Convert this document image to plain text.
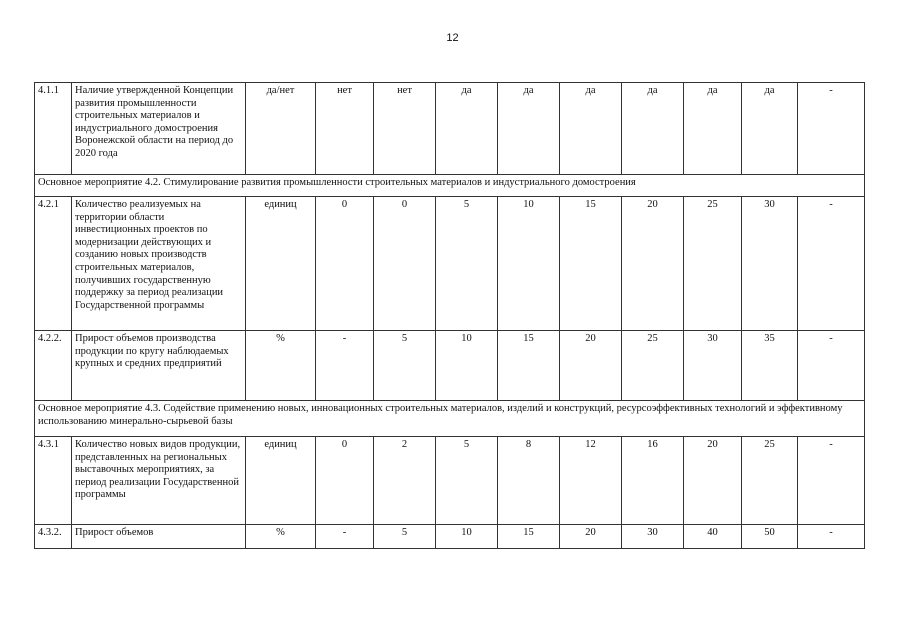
12
4.1.1	Наличие утвержденной Концепции развития промышленности строительных материалов и индустриального домостроения Воронежской области на период до 2020 года	да/нет	нет	нет	да	да	да	да	да	да	-
Основное мероприятие 4.2. Стимулирование развития промышленности строительных материалов и индустриального домостроения											
4.2.1	Количество реализуемых на территории области инвестиционных проектов по модернизации действующих и созданию новых производств строительных материалов, получивших государственную поддержку за период реализации Государственной программы	единиц	0	0	5	10	15	20	25	30	-
4.2.2.	Прирост объемов производства продукции по кругу наблюдаемых крупных и средних предприятий	%	-	5	10	15	20	25	30	35	-
Основное мероприятие 4.3. Содействие применению новых, инновационных строительных материалов, изделий и конструкций, ресурсоэффективных технологий и эффективному использованию минерально-сырьевой базы											
4.3.1	Количество новых видов продукции, представленных на региональных выставочных мероприятиях, за период реализации Государственной программы	единиц	0	2	5	8	12	16	20	25	-
4.3.2.	Прирост объемов	%	-	5	10	15	20	30	40	50	-
